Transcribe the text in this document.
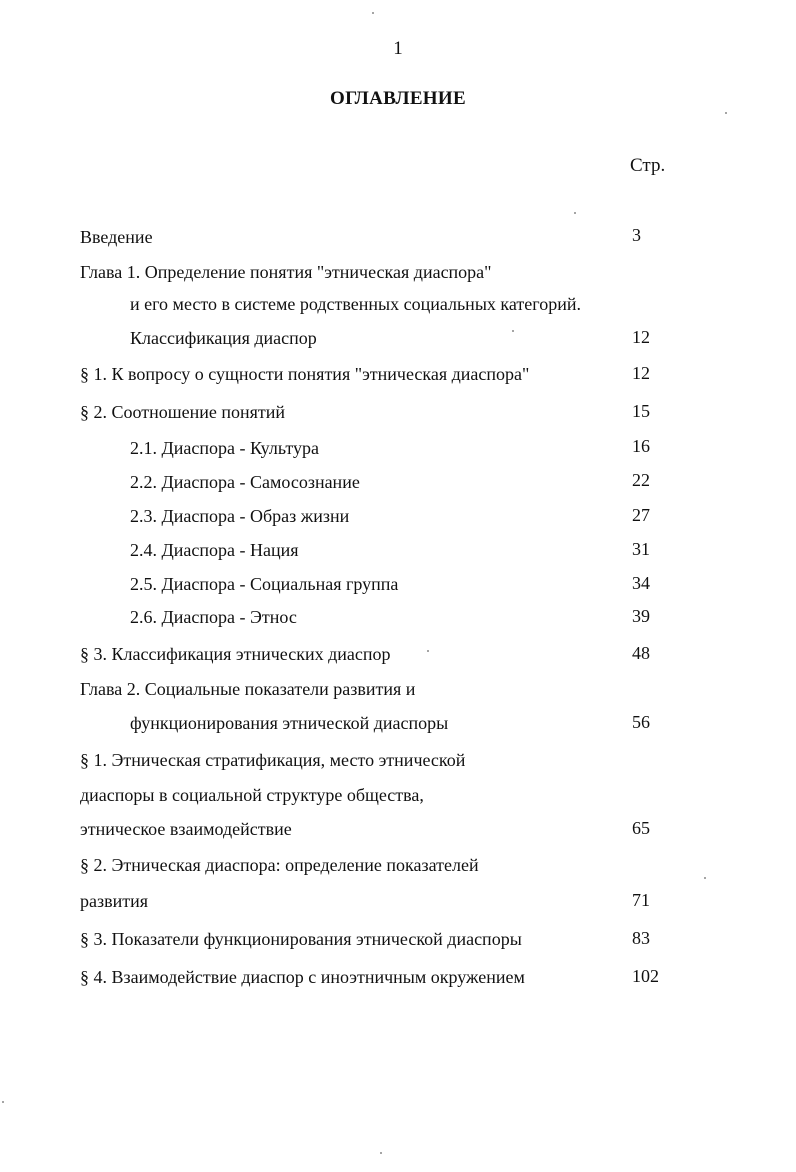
1
ОГЛАВЛЕНИЕ
Стр.
Введение	3
Глава 1. Определение понятия "этническая диаспора"
и его место в системе родственных социальных категорий.
Классификация диаспор	12
§ 1. К вопросу о сущности понятия "этническая диаспора"	12
§ 2. Соотношение понятий	15
2.1. Диаспора - Культура	16
2.2. Диаспора - Самосознание	22
2.3. Диаспора - Образ жизни	27
2.4. Диаспора - Нация	31
2.5. Диаспора - Социальная группа	34
2.6. Диаспора - Этнос	39
§ 3. Классификация этнических диаспор	48
Глава 2. Социальные показатели развития и
функционирования этнической диаспоры	56
§ 1. Этническая стратификация, место этнической
диаспоры в социальной структуре общества,
этническое взаимодействие	65
§ 2. Этническая диаспора: определение показателей
развития	71
§ 3. Показатели функционирования этнической диаспоры	83
§ 4. Взаимодействие диаспор с иноэтничным окружением	102
